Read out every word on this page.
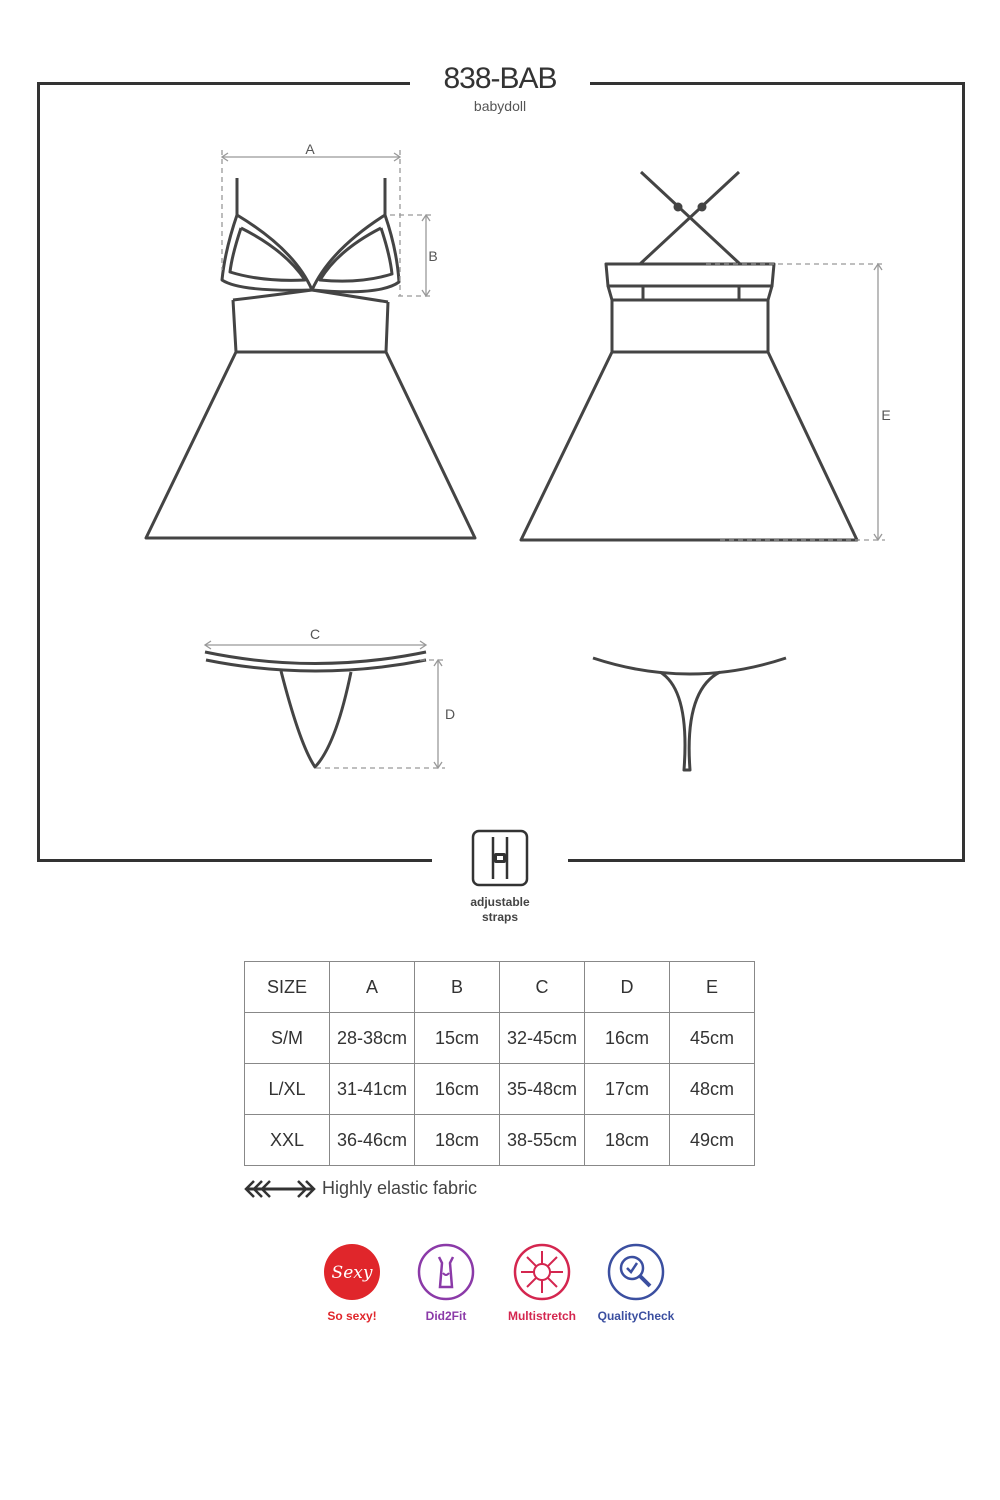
838-BAB
babydoll
A
B
C
D
E
adjustable
straps
SIZE	A	B	C	D	E
S/M	28-38cm	15cm	32-45cm	16cm	45cm
L/XL	31-41cm	16cm	35-48cm	17cm	48cm
XXL	36-46cm	18cm	38-55cm	18cm	49cm
Highly elastic fabric
Sexy
So sexy!	Did2Fit	Multistretch	QualityCheck
